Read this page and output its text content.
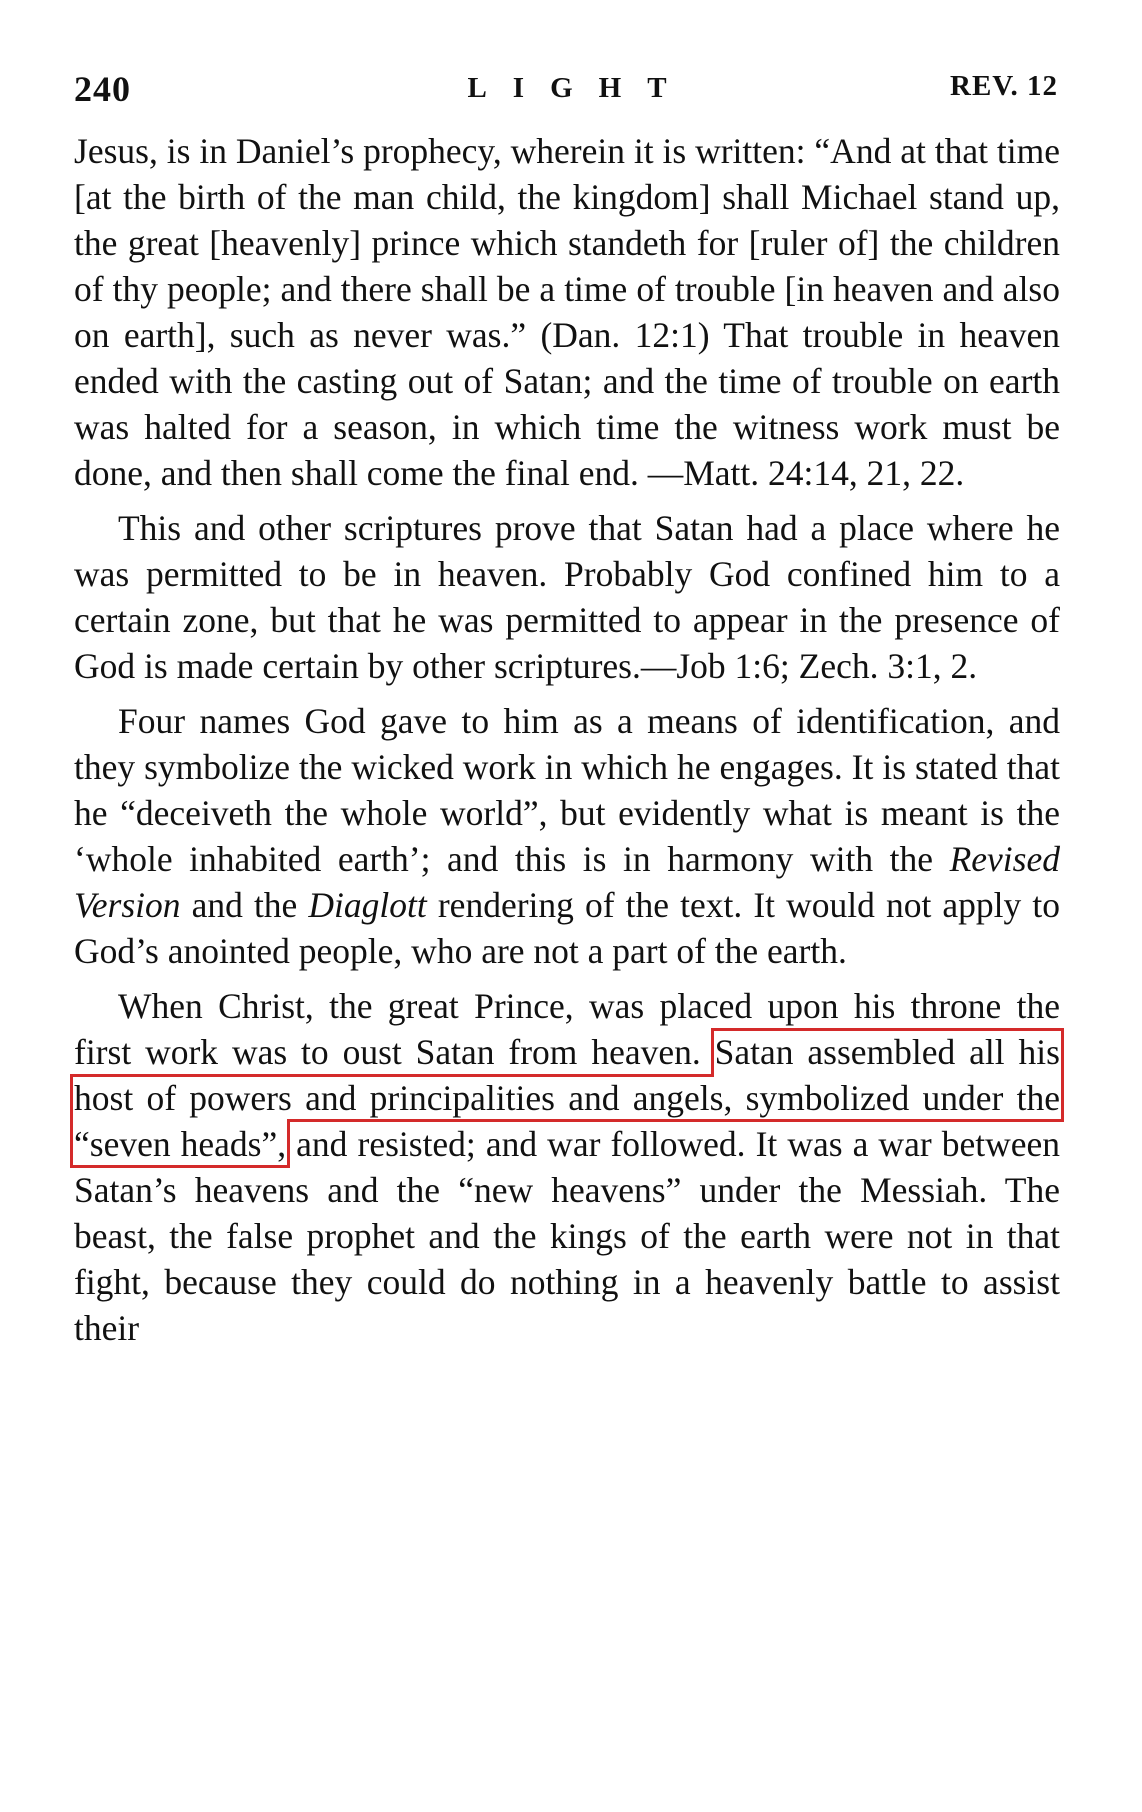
240	LIGHT	REV. 12

Jesus, is in Daniel’s prophecy, wherein it is written: “And at that time [at the birth of the man child, the kingdom] shall Michael stand up, the great [heavenly] prince which standeth for [ruler of] the children of thy people; and there shall be a time of trouble [in heaven and also on earth], such as never was.” (Dan. 12:1) That trouble in heaven ended with the casting out of Satan; and the time of trouble on earth was halted for a season, in which time the witness work must be done, and then shall come the final end. —Matt. 24:14, 21, 22.

This and other scriptures prove that Satan had a place where he was permitted to be in heaven. Probably God confined him to a certain zone, but that he was permitted to appear in the presence of God is made certain by other scriptures.—Job 1:6; Zech. 3:1, 2.

Four names God gave to him as a means of identification, and they symbolize the wicked work in which he engages. It is stated that he “deceiveth the whole world”, but evidently what is meant is the ‘whole inhabited earth’; and this is in harmony with the Revised Version and the Diaglott rendering of the text. It would not apply to God’s anointed people, who are not a part of the earth.

When Christ, the great Prince, was placed upon his throne the first work was to oust Satan from heaven. Satan assembled all his host of powers and principalities and angels, symbolized under the “seven heads”, and resisted; and war followed. It was a war between Satan’s heavens and the “new heavens” under the Messiah. The beast, the false prophet and the kings of the earth were not in that fight, because they could do nothing in a heavenly battle to assist their
